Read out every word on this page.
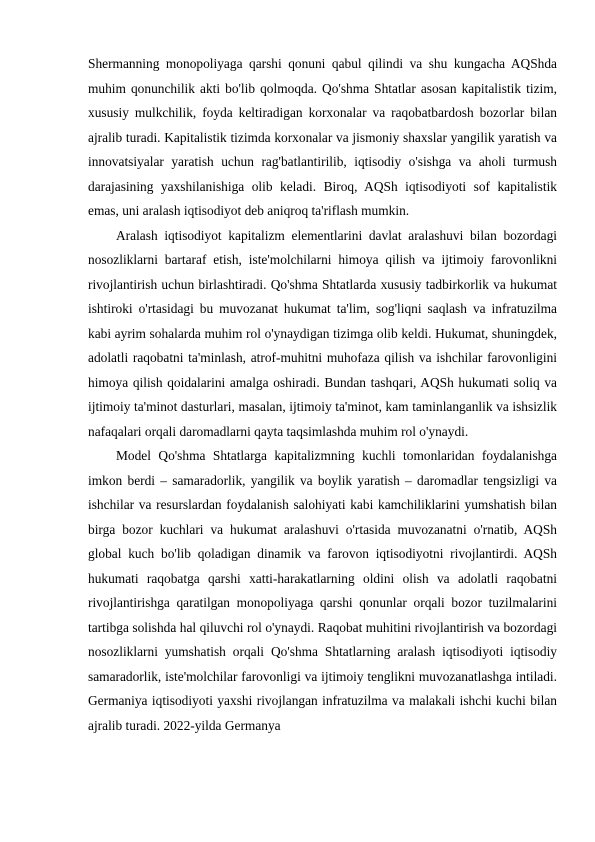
Shermanning monopoliyaga qarshi qonuni qabul qilindi va shu kungacha AQShda muhim qonunchilik akti bo'lib qolmoqda. Qo'shma Shtatlar asosan kapitalistik tizim, xususiy mulkchilik, foyda keltiradigan korxonalar va raqobatbardosh bozorlar bilan ajralib turadi. Kapitalistik tizimda korxonalar va jismoniy shaxslar yangilik yaratish va innovatsiyalar yaratish uchun rag'batlantirilib, iqtisodiy o'sishga va aholi turmush darajasining yaxshilanishiga olib keladi. Biroq, AQSh iqtisodiyoti sof kapitalistik emas, uni aralash iqtisodiyot deb aniqroq ta'riflash mumkin.

Aralash iqtisodiyot kapitalizm elementlarini davlat aralashuvi bilan bozordagi nosozliklarni bartaraf etish, iste'molchilarni himoya qilish va ijtimoiy farovonlikni rivojlantirish uchun birlashtiradi. Qo'shma Shtatlarda xususiy tadbirkorlik va hukumat ishtiroki o'rtasidagi bu muvozanat hukumat ta'lim, sog'liqni saqlash va infratuzilma kabi ayrim sohalarda muhim rol o'ynaydigan tizimga olib keldi. Hukumat, shuningdek, adolatli raqobatni ta'minlash, atrof-muhitni muhofaza qilish va ishchilar farovonligini himoya qilish qoidalarini amalga oshiradi. Bundan tashqari, AQSh hukumati soliq va ijtimoiy ta'minot dasturlari, masalan, ijtimoiy ta'minot, kam taminlanganlik va ishsizlik nafaqalari orqali daromadlarni qayta taqsimlashda muhim rol o'ynaydi.

Model Qo'shma Shtatlarga kapitalizmning kuchli tomonlaridan foydalanishga imkon berdi – samaradorlik, yangilik va boylik yaratish – daromadlar tengsizligi va ishchilar va resurslardan foydalanish salohiyati kabi kamchiliklarini yumshatish bilan birga bozor kuchlari va hukumat aralashuvi o'rtasida muvozanatni o'rnatib, AQSh global kuch bo'lib qoladigan dinamik va farovon iqtisodiyotni rivojlantirdi. AQSh hukumati raqobatga qarshi xatti-harakatlarning oldini olish va adolatli raqobatni rivojlantirishga qaratilgan monopoliyaga qarshi qonunlar orqali bozor tuzilmalarini tartibga solishda hal qiluvchi rol o'ynaydi. Raqobat muhitini rivojlantirish va bozordagi nosozliklarni yumshatish orqali Qo'shma Shtatlarning aralash iqtisodiyoti iqtisodiy samaradorlik, iste'molchilar farovonligi va ijtimoiy tenglikni muvozanatlashga intiladi. Germaniya iqtisodiyoti yaxshi rivojlangan infratuzilma va malakali ishchi kuchi bilan ajralib turadi. 2022-yilda Germanya
